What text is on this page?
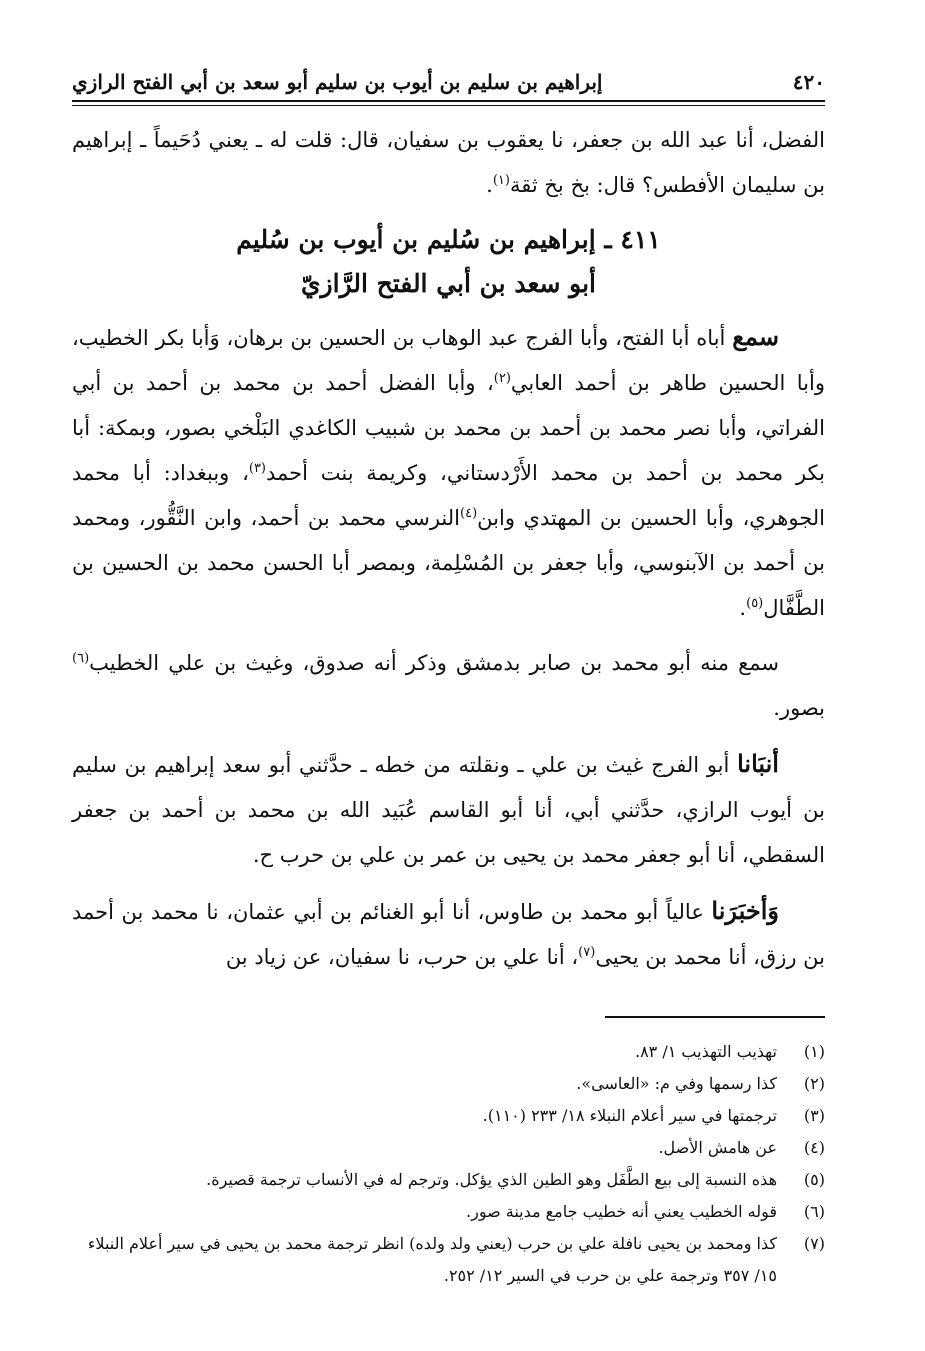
٤٢٠
إبراهيم بن سليم بن أيوب بن سليم أبو سعد بن أبي الفتح الرازي

الفضل، أنا عبد الله بن جعفر، نا يعقوب بن سفيان، قال: قلت له ـ يعني دُحَيماً ـ إبراهيم بن سليمان الأفطس؟ قال: بخ بخ ثقة$^{(١)}$.

٤١١ ـ إبراهيم بن سُليم بن أيوب بن سُليم
أبو سعد بن أبي الفتح الرَّازيّ

سمع أباه أبا الفتح، وأبا الفرج عبد الوهاب بن الحسين بن برهان، وَأبا بكر الخطيب، وأبا الحسين طاهر بن أحمد العابي$^{(٢)}$، وأبا الفضل أحمد بن محمد بن أحمد بن أبي الفراتي، وأبا نصر محمد بن أحمد بن محمد بن شبيب الكاغدي البَلْخي بصور، وبمكة: أبا بكر محمد بن أحمد بن محمد الأَرْدستاني، وكريمة بنت أحمد$^{(٣)}$، وببغداد: أبا محمد الجوهري، وأبا الحسين بن المهتدي وابن$^{(٤)}$النرسي محمد بن أحمد، وابن النَّقُّور، ومحمد بن أحمد بن الآبنوسي، وأبا جعفر بن المُسْلِمة، وبمصر أبا الحسن محمد بن الحسين بن الطَّفَّال$^{(٥)}$.

سمع منه أبو محمد بن صابر بدمشق وذكر أنه صدوق، وغيث بن علي الخطيب$^{(٦)}$ بصور.

أنبَانا أبو الفرج غيث بن علي ـ ونقلته من خطه ـ حدَّثني أبو سعد إبراهيم بن سليم بن أيوب الرازي، حدَّثني أبي، أنا أبو القاسم عُبَيد الله بن محمد بن أحمد بن جعفر السقطي، أنا أبو جعفر محمد بن يحيى بن عمر بن علي بن حرب ح.

وَأخبَرَنا عالياً أبو محمد بن طاوس، أنا أبو الغنائم بن أبي عثمان، نا محمد بن أحمد بن رزق، أنا محمد بن يحيى$^{(٧)}$، أنا علي بن حرب، نا سفيان، عن زياد بن

(١)
تهذيب التهذيب ١/ ٨٣.
(٢)
كذا رسمها وفي م: «العاسى».
(٣)
ترجمتها في سير أعلام النبلاء ١٨/ ٢٣٣ (١١٠).
(٤)
عن هامش الأصل.
(٥)
هذه النسبة إلى بيع الطَّفَل وهو الطين الذي يؤكل. وترجم له في الأنساب ترجمة قصيرة.
(٦)
قوله الخطيب يعني أنه خطيب جامع مدينة صور.
(٧)
كذا ومحمد بن يحيى نافلة علي بن حرب (يعني ولد ولده) انظر ترجمة محمد بن يحيى في سير أعلام النبلاء ١٥/ ٣٥٧ وترجمة علي بن حرب في السير ١٢/ ٢٥٢.
